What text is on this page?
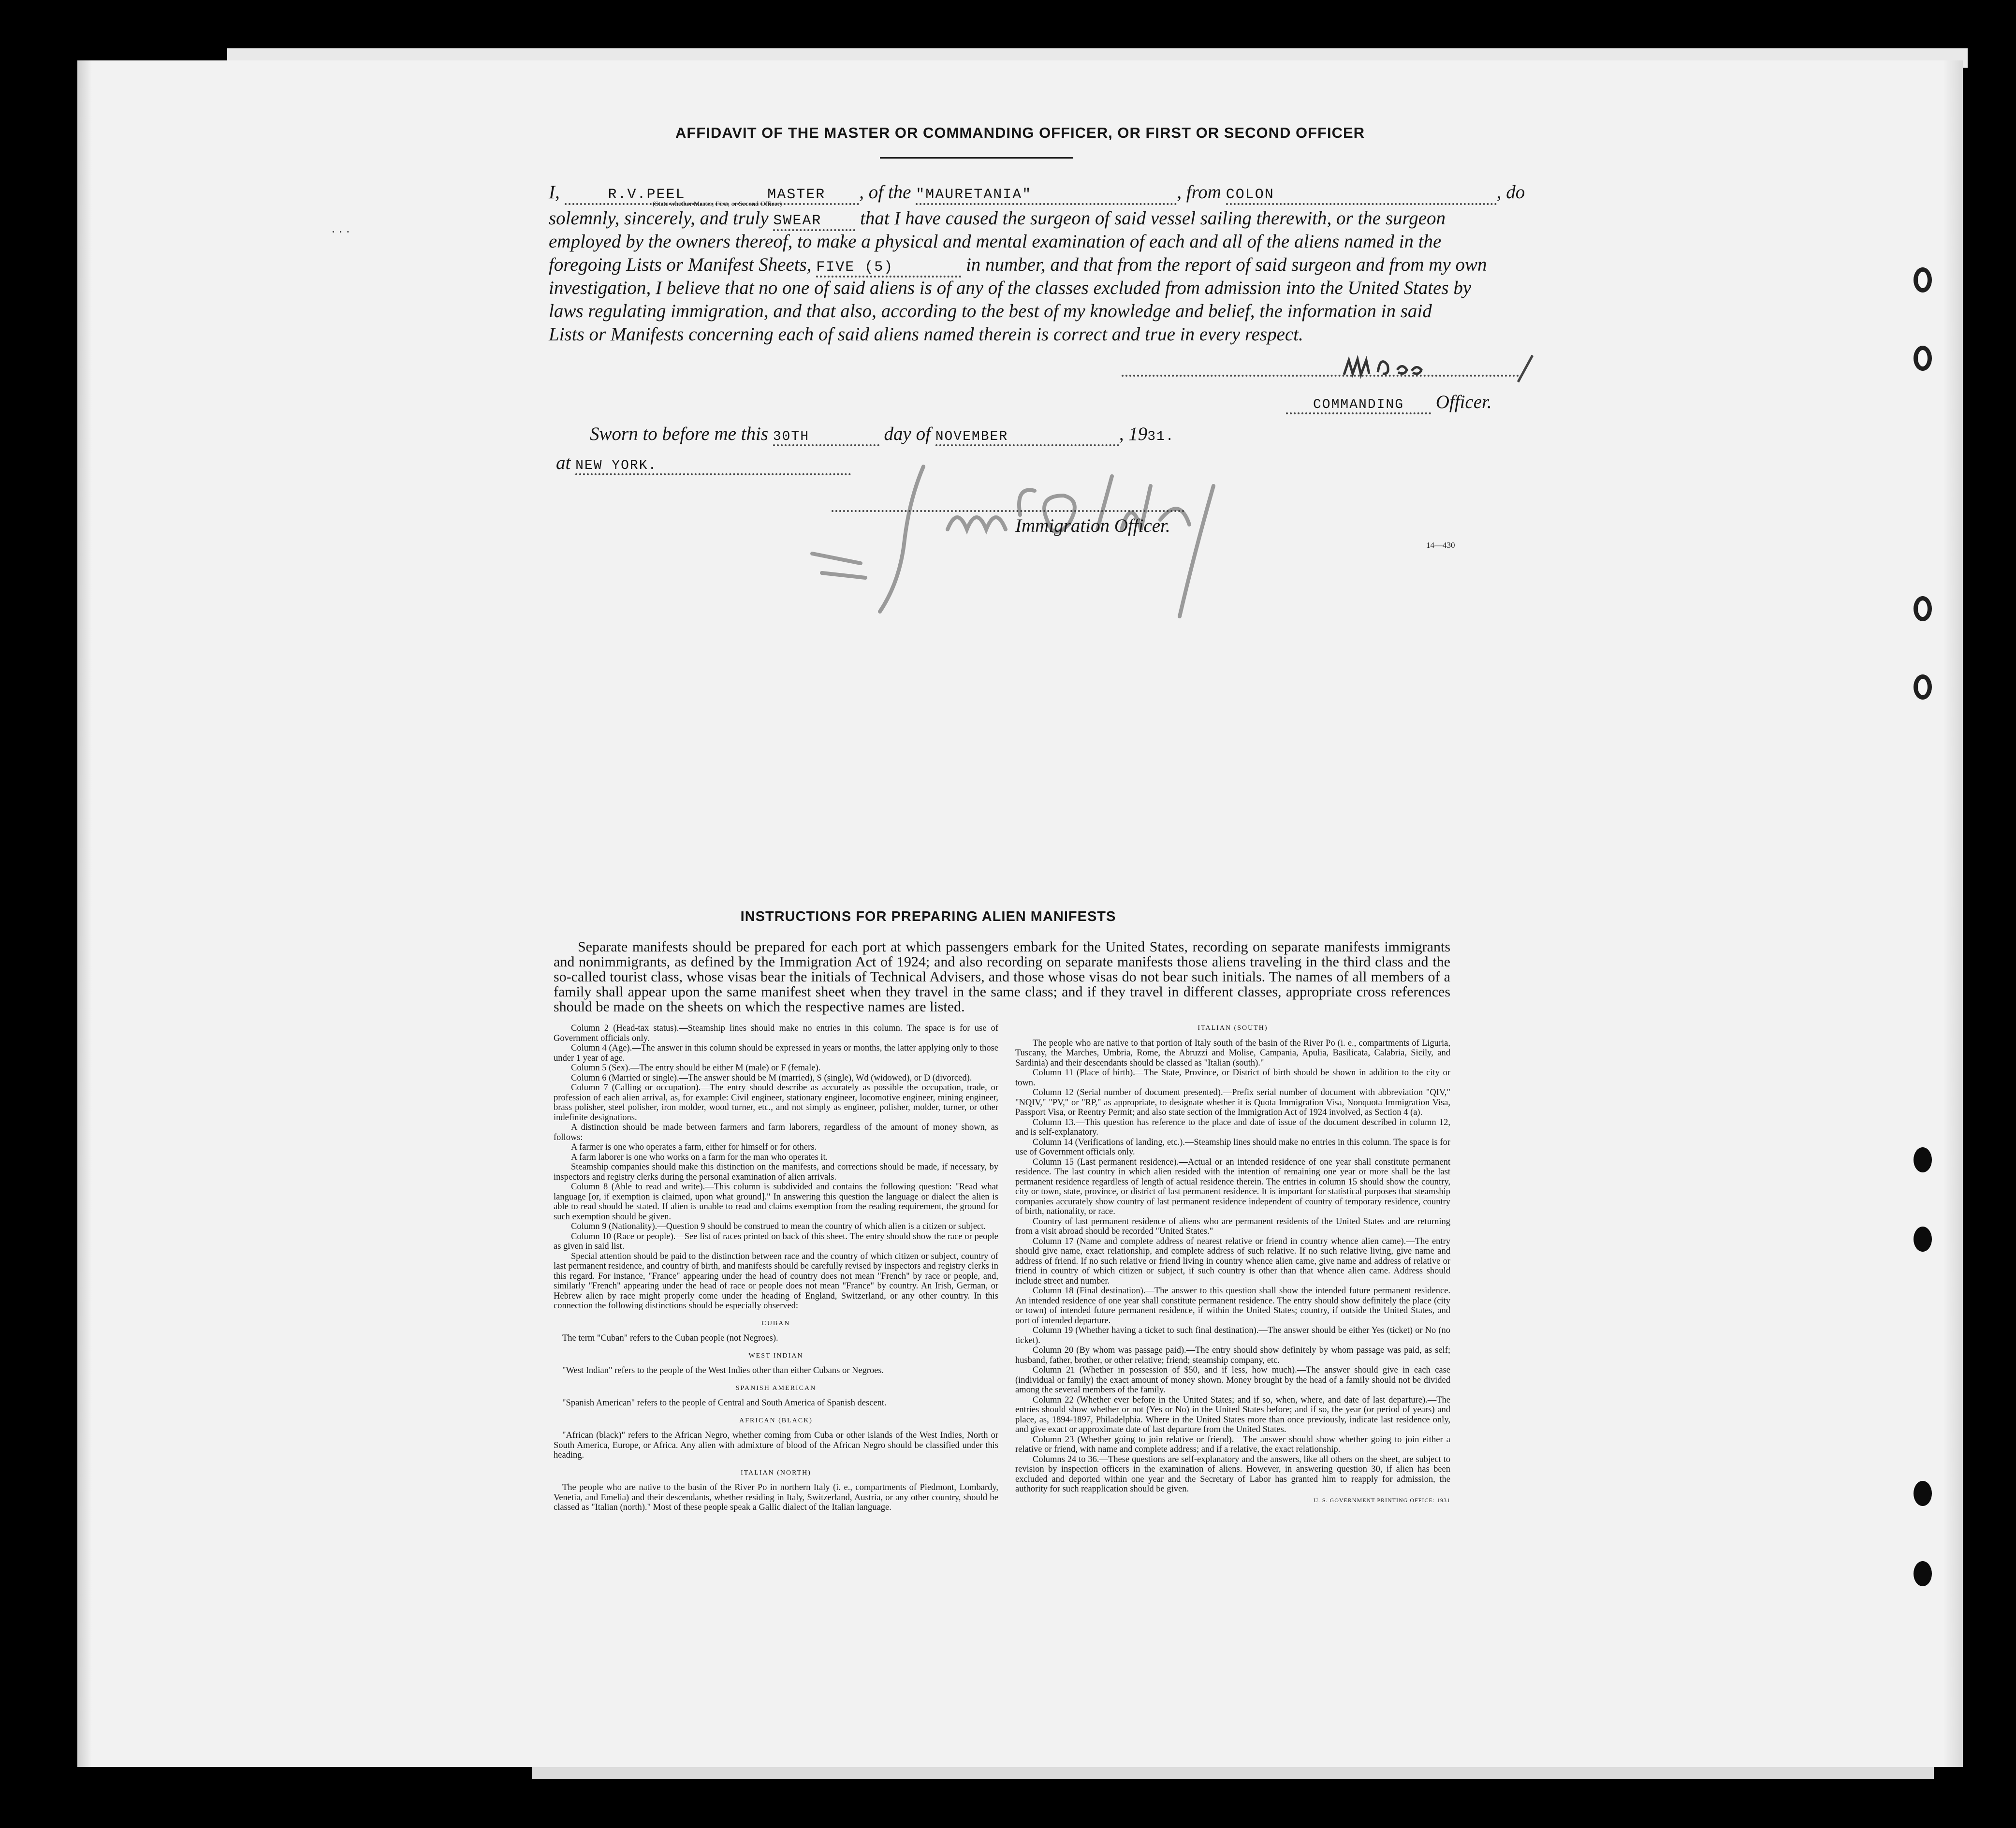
AFFIDAVIT OF THE MASTER OR COMMANDING OFFICER, OR FIRST OR SECOND OFFICER
I,	R.V.PEEL	MASTER , of the "MAURETANIA"	, from COLON	, do
(State whether Master, First, or Second Officer)
solemnly, sincerely, and truly SWEAR that I have caused the surgeon of said vessel sailing therewith, or the surgeon
employed by the owners thereof, to make a physical and mental examination of each and all of the aliens named in the
foregoing Lists or Manifest Sheets, FIVE (5)	in number, and that from the report of said surgeon and from my own
investigation, I believe that no one of said aliens is of any of the classes excluded from admission into the United States by
laws regulating immigration, and that also, according to the best of my knowledge and belief, the information in said
Lists or Manifests concerning each of said aliens named therein is correct and true in every respect.
COMMANDING Officer.
Sworn to before me this 30TH	day of NOVEMBER	, 1931.
at NEW YORK.
Immigration Officer.
14—430
INSTRUCTIONS FOR PREPARING ALIEN MANIFESTS
Separate manifests should be prepared for each port at which passengers embark for the United States, recording on separate manifests immigrants and nonimmigrants, as defined by the Immigration Act of 1924; and also recording on separate manifests those aliens traveling in the third class and the so-called tourist class, whose visas bear the initials of Technical Advisers, and those whose visas do not bear such initials. The names of all members of a family shall appear upon the same manifest sheet when they travel in the same class; and if they travel in different classes, appropriate cross references should be made on the sheets on which the respective names are listed.

Column 2 (Head-tax status).—Steamship lines should make no entries in this column. The space is for use of Government officials only.

Column 4 (Age).—The answer in this column should be expressed in years or months, the latter applying only to those under 1 year of age.

Column 5 (Sex).—The entry should be either M (male) or F (female).

Column 6 (Married or single).—The answer should be M (married), S (single), Wd (widowed), or D (divorced).

Column 7 (Calling or occupation).—The entry should describe as accurately as possible the occupation, trade, or profession of each alien arrival, as, for example: Civil engineer, stationary engineer, locomotive engineer, mining engineer, brass polisher, steel polisher, iron molder, wood turner, etc., and not simply as engineer, polisher, molder, turner, or other indefinite designations.

A distinction should be made between farmers and farm laborers, regardless of the amount of money shown, as follows:

A farmer is one who operates a farm, either for himself or for others.

A farm laborer is one who works on a farm for the man who operates it.

Steamship companies should make this distinction on the manifests, and corrections should be made, if necessary, by inspectors and registry clerks during the personal examination of alien arrivals.

Column 8 (Able to read and write).—This column is subdivided and contains the following question: "Read what language [or, if exemption is claimed, upon what ground]." In answering this question the language or dialect the alien is able to read should be stated. If alien is unable to read and claims exemption from the reading requirement, the ground for such exemption should be given.

Column 9 (Nationality).—Question 9 should be construed to mean the country of which alien is a citizen or subject.

Column 10 (Race or people).—See list of races printed on back of this sheet. The entry should show the race or people as given in said list.

Special attention should be paid to the distinction between race and the country of which citizen or subject, country of last permanent residence, and country of birth, and manifests should be carefully revised by inspectors and registry clerks in this regard. For instance, "France" appearing under the head of country does not mean "French" by race or people, and, similarly "French" appearing under the head of race or people does not mean "France" by country. An Irish, German, or Hebrew alien by race might properly come under the heading of England, Switzerland, or any other country. In this connection the following distinctions should be especially observed:

CUBAN

The term "Cuban" refers to the Cuban people (not Negroes).

WEST INDIAN

"West Indian" refers to the people of the West Indies other than either Cubans or Negroes.

SPANISH AMERICAN

"Spanish American" refers to the people of Central and South America of Spanish descent.

AFRICAN (BLACK)

"African (black)" refers to the African Negro, whether coming from Cuba or other islands of the West Indies, North or South America, Europe, or Africa. Any alien with admixture of blood of the African Negro should be classified under this heading.

ITALIAN (NORTH)

The people who are native to the basin of the River Po in northern Italy (i. e., compartments of Piedmont, Lombardy, Venetia, and Emelia) and their descendants, whether residing in Italy, Switzerland, Austria, or any other country, should be classed as "Italian (north)." Most of these people speak a Gallic dialect of the Italian language.

ITALIAN (SOUTH)

The people who are native to that portion of Italy south of the basin of the River Po (i. e., compartments of Liguria, Tuscany, the Marches, Umbria, Rome, the Abruzzi and Molise, Campania, Apulia, Basilicata, Calabria, Sicily, and Sardinia) and their descendants should be classed as "Italian (south)."

Column 11 (Place of birth).—The State, Province, or District of birth should be shown in addition to the city or town.

Column 12 (Serial number of document presented).—Prefix serial number of document with abbreviation "QIV," "NQIV," "PV," or "RP," as appropriate, to designate whether it is Quota Immigration Visa, Nonquota Immigration Visa, Passport Visa, or Reentry Permit; and also state section of the Immigration Act of 1924 involved, as Section 4 (a).

Column 13.—This question has reference to the place and date of issue of the document described in column 12, and is self-explanatory.

Column 14 (Verifications of landing, etc.).—Steamship lines should make no entries in this column. The space is for use of Government officials only.

Column 15 (Last permanent residence).—Actual or an intended residence of one year shall constitute permanent residence. The last country in which alien resided with the intention of remaining one year or more shall be the last permanent residence regardless of length of actual residence therein. The entries in column 15 should show the country, city or town, state, province, or district of last permanent residence. It is important for statistical purposes that steamship companies accurately show country of last permanent residence independent of country of temporary residence, country of birth, nationality, or race.

Country of last permanent residence of aliens who are permanent residents of the United States and are returning from a visit abroad should be recorded "United States."

Column 17 (Name and complete address of nearest relative or friend in country whence alien came).—The entry should give name, exact relationship, and complete address of such relative. If no such relative living, give name and address of friend. If no such relative or friend living in country whence alien came, give name and address of relative or friend in country of which citizen or subject, if such country is other than that whence alien came. Address should include street and number.

Column 18 (Final destination).—The answer to this question shall show the intended future permanent residence. An intended residence of one year shall constitute permanent residence. The entry should show definitely the place (city or town) of intended future permanent residence, if within the United States; country, if outside the United States, and port of intended departure.

Column 19 (Whether having a ticket to such final destination).—The answer should be either Yes (ticket) or No (no ticket).

Column 20 (By whom was passage paid).—The entry should show definitely by whom passage was paid, as self; husband, father, brother, or other relative; friend; steamship company, etc.

Column 21 (Whether in possession of $50, and if less, how much).—The answer should give in each case (individual or family) the exact amount of money shown. Money brought by the head of a family should not be divided among the several members of the family.

Column 22 (Whether ever before in the United States; and if so, when, where, and date of last departure).—The entries should show whether or not (Yes or No) in the United States before; and if so, the year (or period of years) and place, as, 1894-1897, Philadelphia. Where in the United States more than once previously, indicate last residence only, and give exact or approximate date of last departure from the United States.

Column 23 (Whether going to join relative or friend).—The answer should show whether going to join either a relative or friend, with name and complete address; and if a relative, the exact relationship.

Columns 24 to 36.—These questions are self-explanatory and the answers, like all others on the sheet, are subject to revision by inspection officers in the examination of aliens. However, in answering question 30, if alien has been excluded and deported within one year and the Secretary of Labor has granted him to reapply for admission, the authority for such reapplication should be given.

U. S. GOVERNMENT PRINTING OFFICE: 1931
· · ·
